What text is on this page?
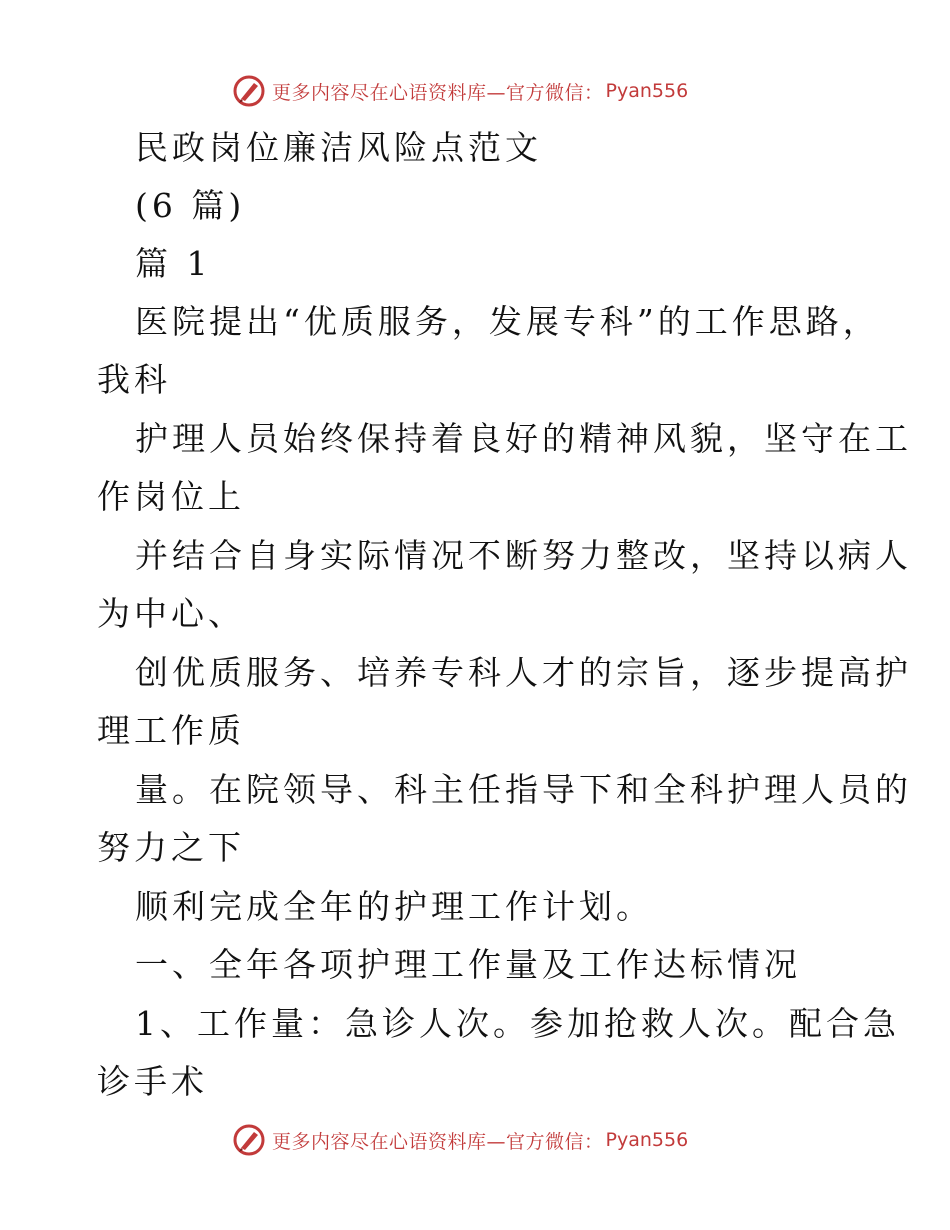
更多内容尽在心语资料库—官方微信： Pyan556
民政岗位廉洁风险点范文
(6 篇)
篇 1
医院提出“优质服务，发展专科”的工作思路，
我科
护理人员始终保持着良好的精神风貌，坚守在工
作岗位上
并结合自身实际情况不断努力整改，坚持以病人
为中心、
创优质服务、培养专科人才的宗旨，逐步提高护
理工作质
量。在院领导、科主任指导下和全科护理人员的
努力之下
顺利完成全年的护理工作计划。
一、全年各项护理工作量及工作达标情况
1、工作量：急诊人次。参加抢救人次。配合急
诊手术
更多内容尽在心语资料库—官方微信： Pyan556
